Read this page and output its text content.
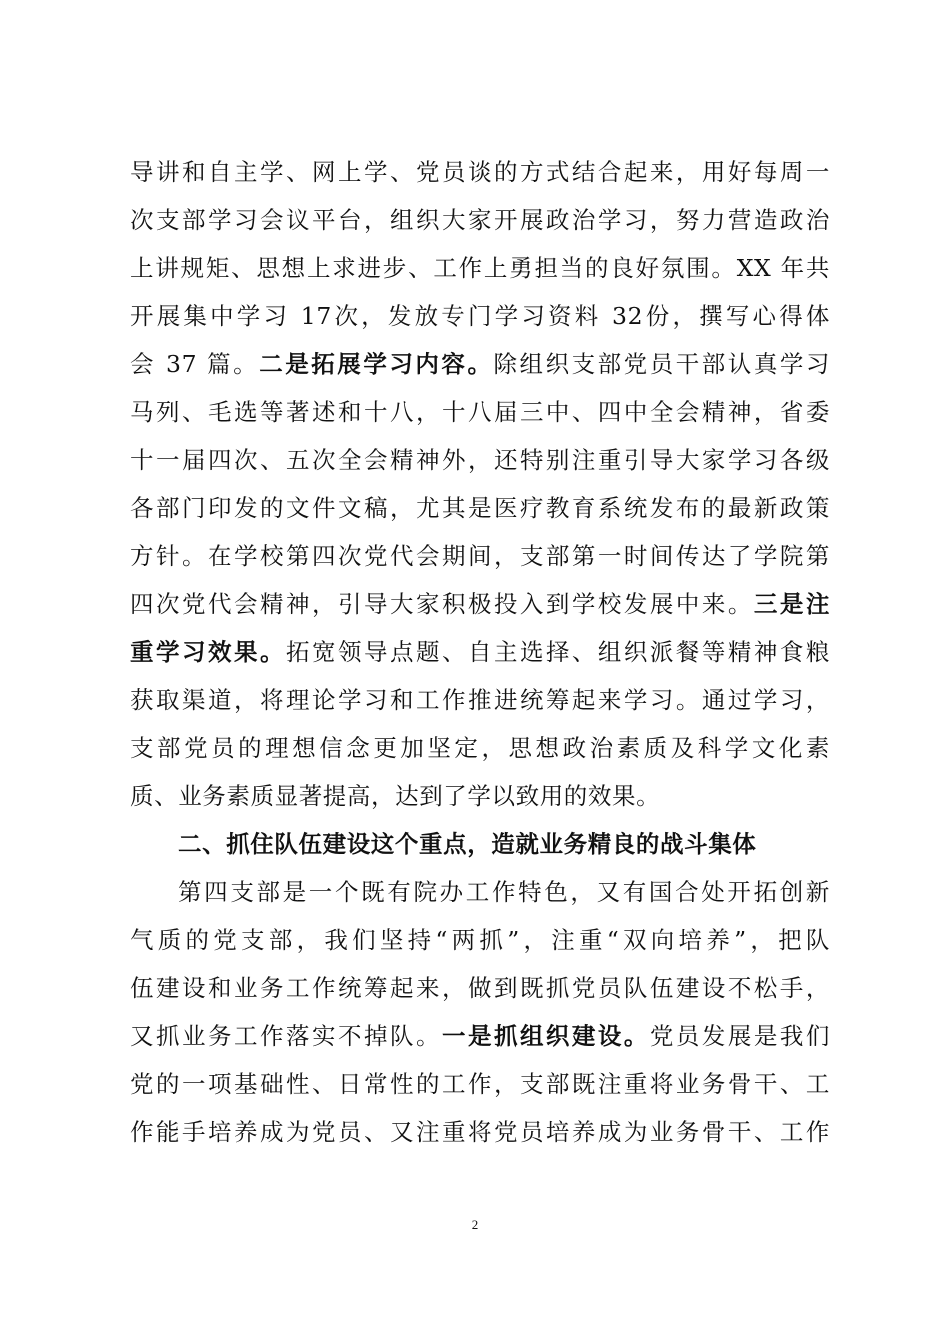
导讲和自主学、网上学、党员谈的方式结合起来，用好每周一
次支部学习会议平台，组织大家开展政治学习，努力营造政治
上讲规矩、思想上求进步、工作上勇担当的良好氛围。XX 年共
开展集中学习 17次，发放专门学习资料 32份，撰写心得体
会 37 篇。二是拓展学习内容。除组织支部党员干部认真学习
马列、毛选等著述和十八，十八届三中、四中全会精神，省委
十一届四次、五次全会精神外，还特别注重引导大家学习各级
各部门印发的文件文稿，尤其是医疗教育系统发布的最新政策
方针。在学校第四次党代会期间，支部第一时间传达了学院第
四次党代会精神，引导大家积极投入到学校发展中来。三是注
重学习效果。拓宽领导点题、自主选择、组织派餐等精神食粮
获取渠道，将理论学习和工作推进统筹起来学习。通过学习，
支部党员的理想信念更加坚定，思想政治素质及科学文化素
质、业务素质显著提高，达到了学以致用的效果。
二、抓住队伍建设这个重点，造就业务精良的战斗集体
第四支部是一个既有院办工作特色，又有国合处开拓创新
气质的党支部，我们坚持“两抓”，注重“双向培养”，把队
伍建设和业务工作统筹起来，做到既抓党员队伍建设不松手，
又抓业务工作落实不掉队。一是抓组织建设。党员发展是我们
党的一项基础性、日常性的工作，支部既注重将业务骨干、工
作能手培养成为党员、又注重将党员培养成为业务骨干、工作
2
